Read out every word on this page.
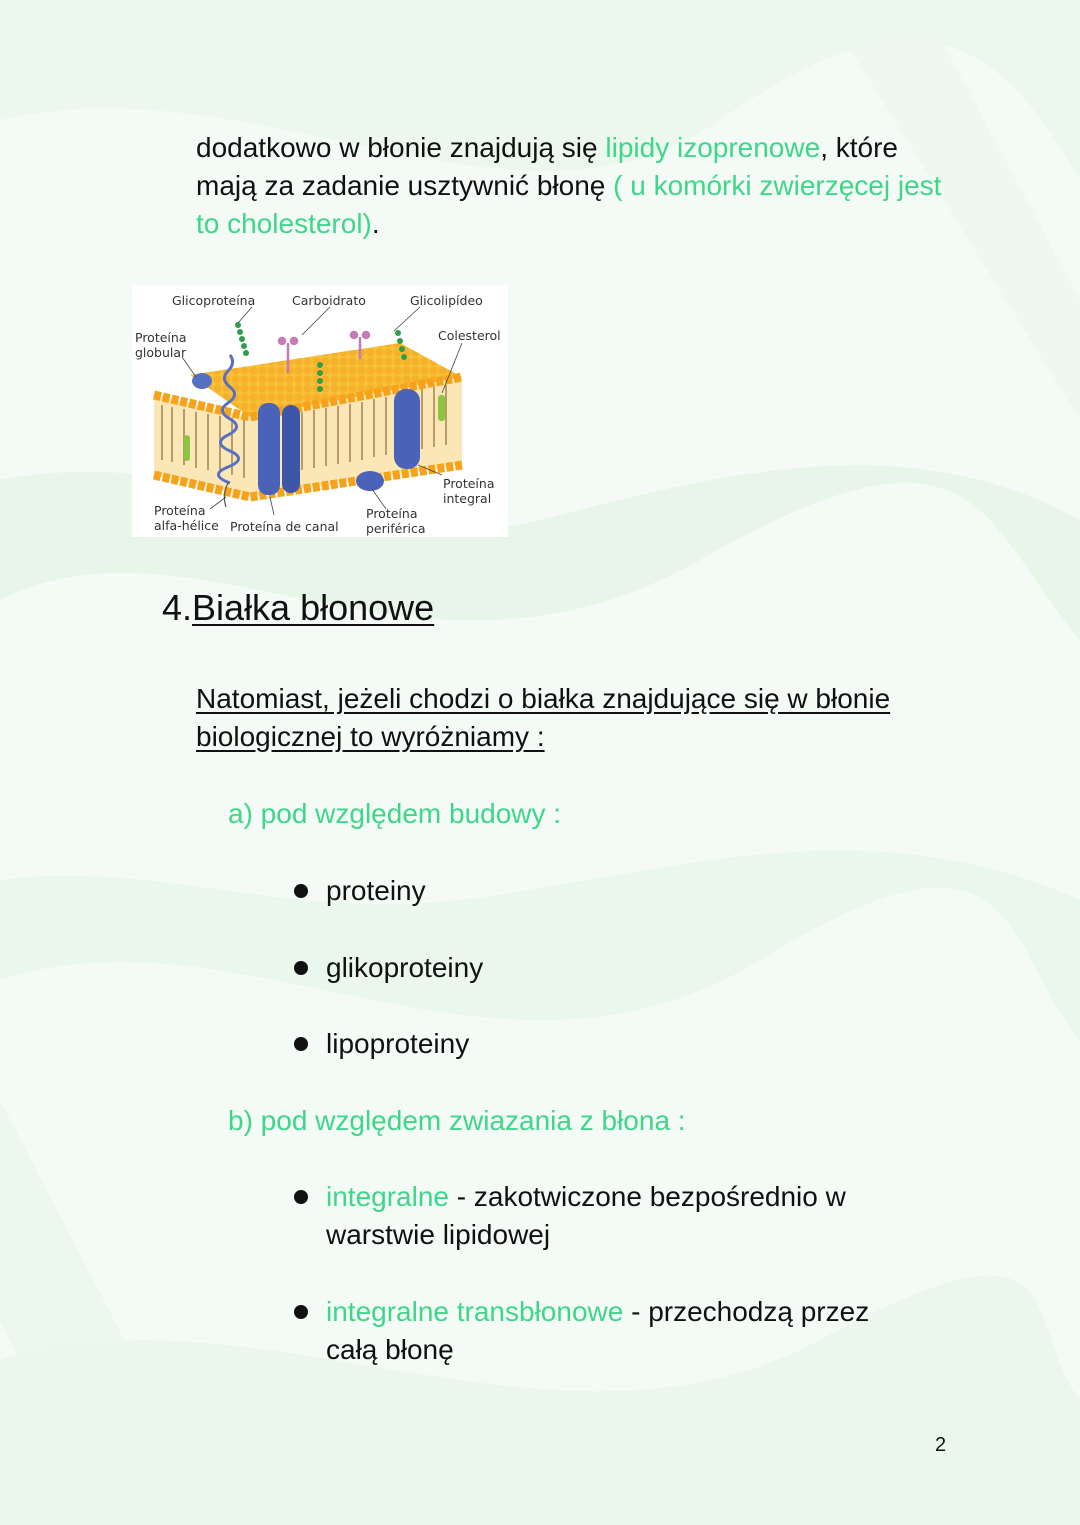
dodatkowo w błonie znajdują się lipidy izoprenowe, które mają za zadanie usztywnić błonę ( u komórki zwierzęcej jest to cholesterol).
Glicoproteína	Carboidrato	Glicolipídeo
Colesterol
Proteína
globular
Proteína
integral
Proteína
alfa-hélice Proteína de canal
Proteína
periférica
4.Białka błonowe
Natomiast, jeżeli chodzi o białka znajdujące się w błonie biologicznej to wyróżniamy :
a) pod względem budowy :
proteiny
glikoproteiny
lipoproteiny
b) pod względem zwiazania z błona :
integralne - zakotwiczone bezpośrednio w warstwie lipidowej
integralne transbłonowe - przechodzą przez całą błonę
2
